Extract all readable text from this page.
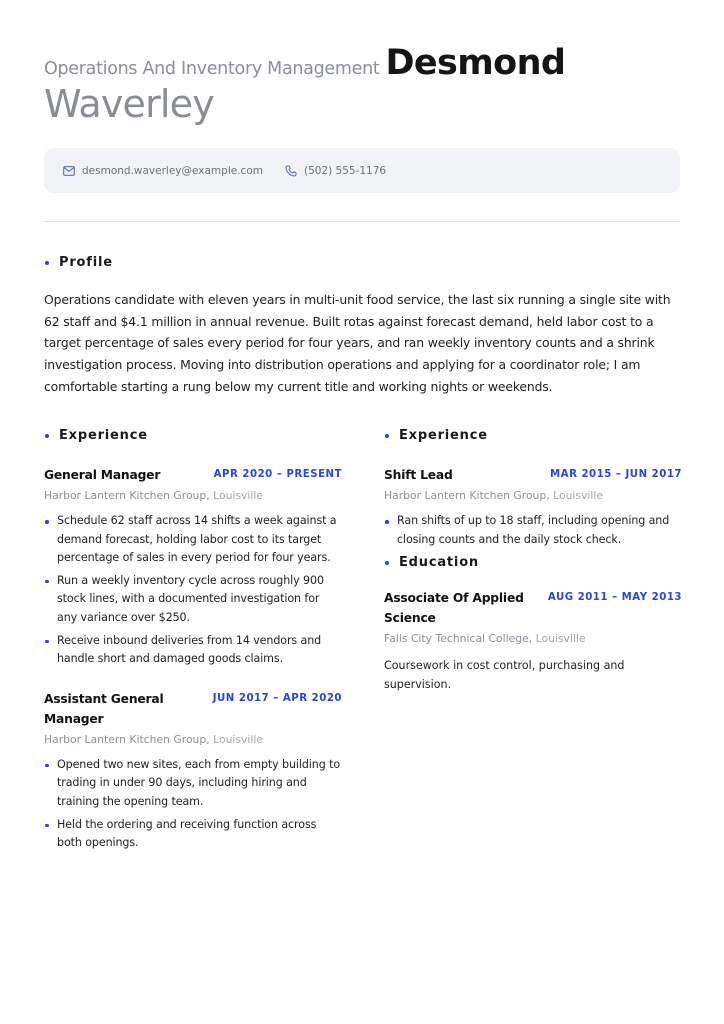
Operations And Inventory Management Desmond
Waverley
desmond.waverley@example.com	(502) 555-1176
Profile

Operations candidate with eleven years in multi-unit food service, the last six running a single site with 62 staff and $4.1 million in annual revenue. Built rotas against forecast demand, held labor cost to a target percentage of sales every period for four years, and ran weekly inventory counts and a shrink investigation process. Moving into distribution operations and applying for a coordinator role; I am comfortable starting a rung below my current title and working nights or weekends.

Experience
General Manager	APR 2020 – PRESENT
Harbor Lantern Kitchen Group, Louisville
Schedule 62 staff across 14 shifts a week against a demand forecast, holding labor cost to its target percentage of sales in every period for four years.
Run a weekly inventory cycle across roughly 900 stock lines, with a documented investigation for any variance over $250.
Receive inbound deliveries from 14 vendors and handle short and damaged goods claims.
Assistant General Manager
JUN 2017 – APR 2020
Harbor Lantern Kitchen Group, Louisville
Opened two new sites, each from empty building to trading in under 90 days, including hiring and training the opening team.
Held the ordering and receiving function across both openings.
Experience
Shift Lead	MAR 2015 – JUN 2017
Harbor Lantern Kitchen Group, Louisville
Ran shifts of up to 18 staff, including opening and closing counts and the daily stock check.
Education
Associate Of Applied Science
AUG 2011 – MAY 2013
Falls City Technical College, Louisville

Coursework in cost control, purchasing and supervision.
